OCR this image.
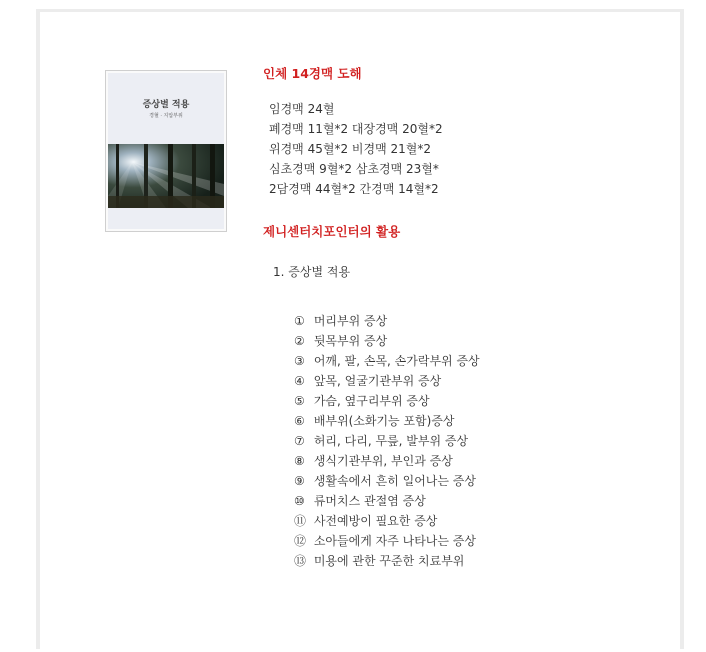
증상별 적용
경혈 · 지압부위
인체 14경맥 도해
임경맥 24혈
폐경맥 11혈*2 대장경맥 20혈*2
위경맥 45혈*2 비경맥 21혈*2
심초경맥 9혈*2 삼초경맥 23혈*
2담경맥 44혈*2 간경맥 14혈*2
제니센터치포인터의 활용
1. 증상별 적용
① 머리부위 증상
② 뒷목부위 증상
③ 어깨, 팔, 손목, 손가락부위 증상
④ 앞목, 얼굴기관부위 증상
⑤ 가슴, 옆구리부위 증상
⑥ 배부위(소화기능 포함)증상
⑦ 허리, 다리, 무릎, 발부위 증상
⑧ 생식기관부위, 부인과 증상
⑨ 생활속에서 흔히 일어나는 증상
⑩ 류머치스 관절염 증상
⑪ 사전예방이 필요한 증상
⑫ 소아들에게 자주 나타나는 증상
⑬ 미용에 관한 꾸준한 치료부위
